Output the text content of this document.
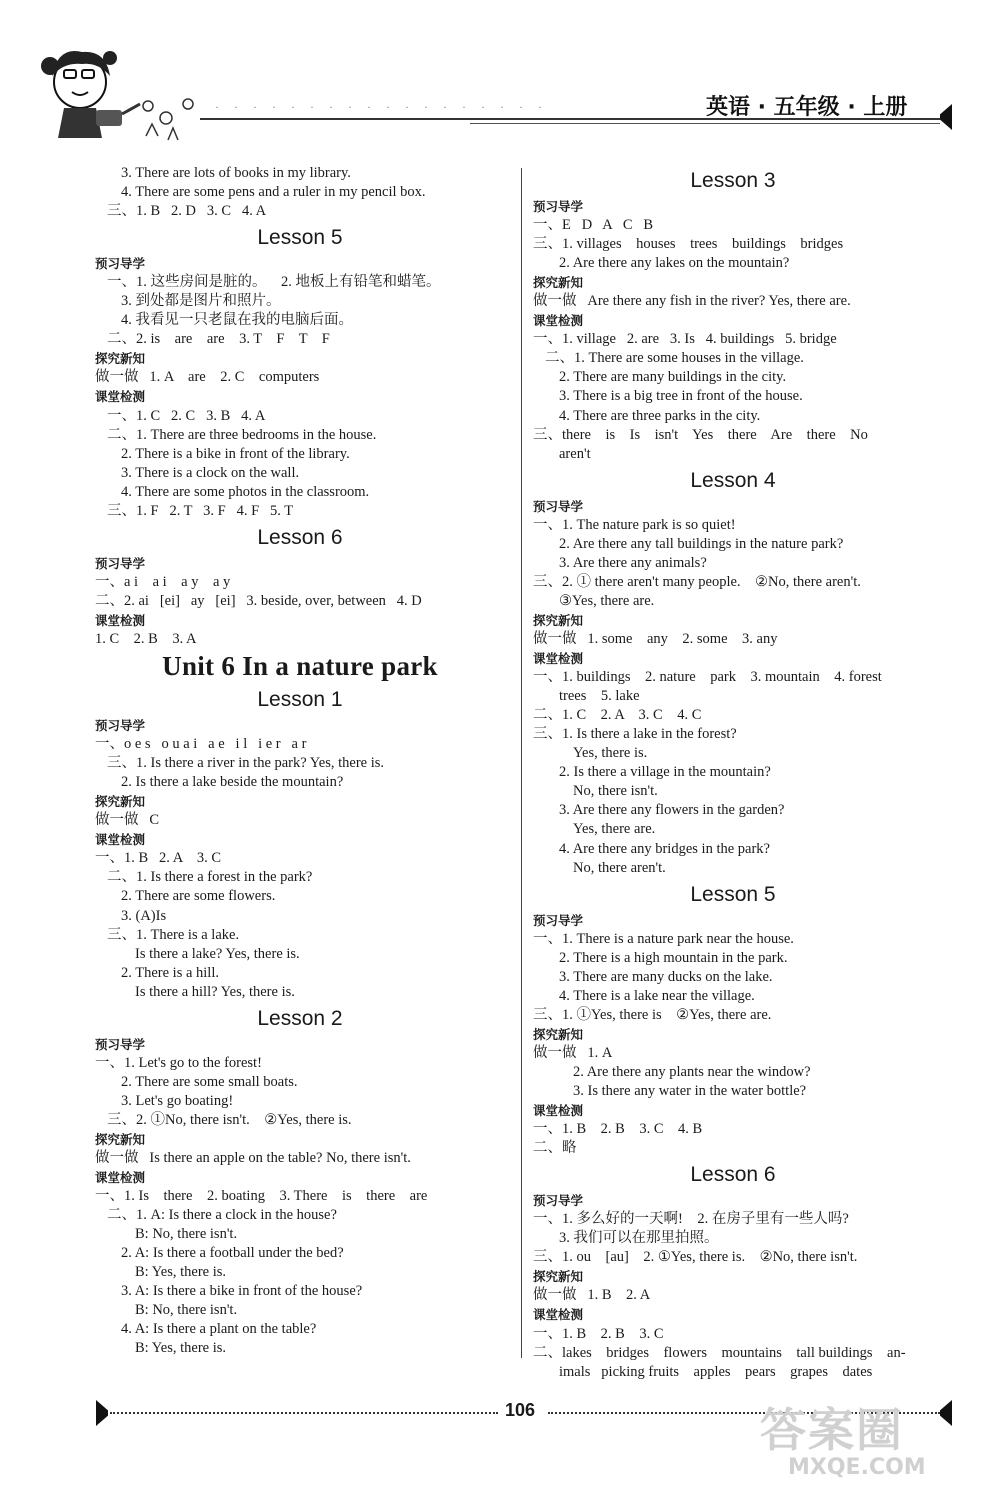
· · · · · · · · · · · · · · · · · ·	英语 · 五年级 · 上册
3. There are lots of books in my library.
4. There are some pens and a ruler in my pencil box.
三、1. B   2. D   3. C   4. A
Lesson 5
预习导学
一、1. 这些房间是脏的。    2. 地板上有铅笔和蜡笔。
3. 到处都是图片和照片。
4. 我看见一只老鼠在我的电脑后面。
二、2. is    are    are    3. T    F    T    F
探究新知
做一做   1. A    are    2. C    computers
课堂检测
一、1. C   2. C   3. B   4. A
二、1. There are three bedrooms in the house.
2. There is a bike in front of the library.
3. There is a clock on the wall.
4. There are some photos in the classroom.
三、1. F   2. T   3. F   4. F   5. T
Lesson 6
预习导学
一、a i    a i    a y    a y
二、2. ai   [ei]   ay   [ei]   3. beside, over, between   4. D
课堂检测
1. C    2. B    3. A
Unit 6 In a nature park
Lesson 1
预习导学
一、o e s   o u a i   a e   i l   i e r   a r
三、1. Is there a river in the park? Yes, there is.
2. Is there a lake beside the mountain?
探究新知
做一做   C
课堂检测
一、1. B   2. A    3. C
二、1. Is there a forest in the park?
2. There are some flowers.
3. (A)Is
三、1. There is a lake.
Is there a lake? Yes, there is.
2. There is a hill.
Is there a hill? Yes, there is.
Lesson 2
预习导学
一、1. Let's go to the forest!
2. There are some small boats.
3. Let's go boating!
三、2. ①No, there isn't.    ②Yes, there is.
探究新知
做一做   Is there an apple on the table? No, there isn't.
课堂检测
一、1. Is    there    2. boating    3. There    is    there    are
二、1. A: Is there a clock in the house?
B: No, there isn't.
2. A: Is there a football under the bed?
B: Yes, there is.
3. A: Is there a bike in front of the house?
B: No, there isn't.
4. A: Is there a plant on the table?
B: Yes, there is.
Lesson 3
预习导学
一、E   D   A   C   B
三、1. villages    houses    trees    buildings    bridges
2. Are there any lakes on the mountain?
探究新知
做一做   Are there any fish in the river? Yes, there are.
课堂检测
一、1. village   2. are   3. Is   4. buildings   5. bridge
二、1. There are some houses in the village.
2. There are many buildings in the city.
3. There is a big tree in front of the house.
4. There are three parks in the city.
三、there    is    Is    isn't    Yes    there    Are    there    No
aren't
Lesson 4
预习导学
一、1. The nature park is so quiet!
2. Are there any tall buildings in the nature park?
3. Are there any animals?
三、2. ① there aren't many people.    ②No, there aren't.
③Yes, there are.
探究新知
做一做   1. some    any    2. some    3. any
课堂检测
一、1. buildings    2. nature    park    3. mountain    4. forest
trees    5. lake
二、1. C    2. A    3. C    4. C
三、1. Is there a lake in the forest?
Yes, there is.
2. Is there a village in the mountain?
No, there isn't.
3. Are there any flowers in the garden?
Yes, there are.
4. Are there any bridges in the park?
No, there aren't.
Lesson 5
预习导学
一、1. There is a nature park near the house.
2. There is a high mountain in the park.
3. There are many ducks on the lake.
4. There is a lake near the village.
三、1. ①Yes, there is    ②Yes, there are.
探究新知
做一做   1. A
2. Are there any plants near the window?
3. Is there any water in the water bottle?
课堂检测
一、1. B    2. B    3. C    4. B
二、略
Lesson 6
预习导学
一、1. 多么好的一天啊!    2. 在房子里有一些人吗?
3. 我们可以在那里拍照。
三、1. ou    [au]    2. ①Yes, there is.    ②No, there isn't.
探究新知
做一做   1. B    2. A
课堂检测
一、1. B    2. B    3. C
二、lakes    bridges    flowers    mountains    tall buildings    an-
imals   picking fruits    apples    pears    grapes    dates
106	答案圈
MXQE.COM
